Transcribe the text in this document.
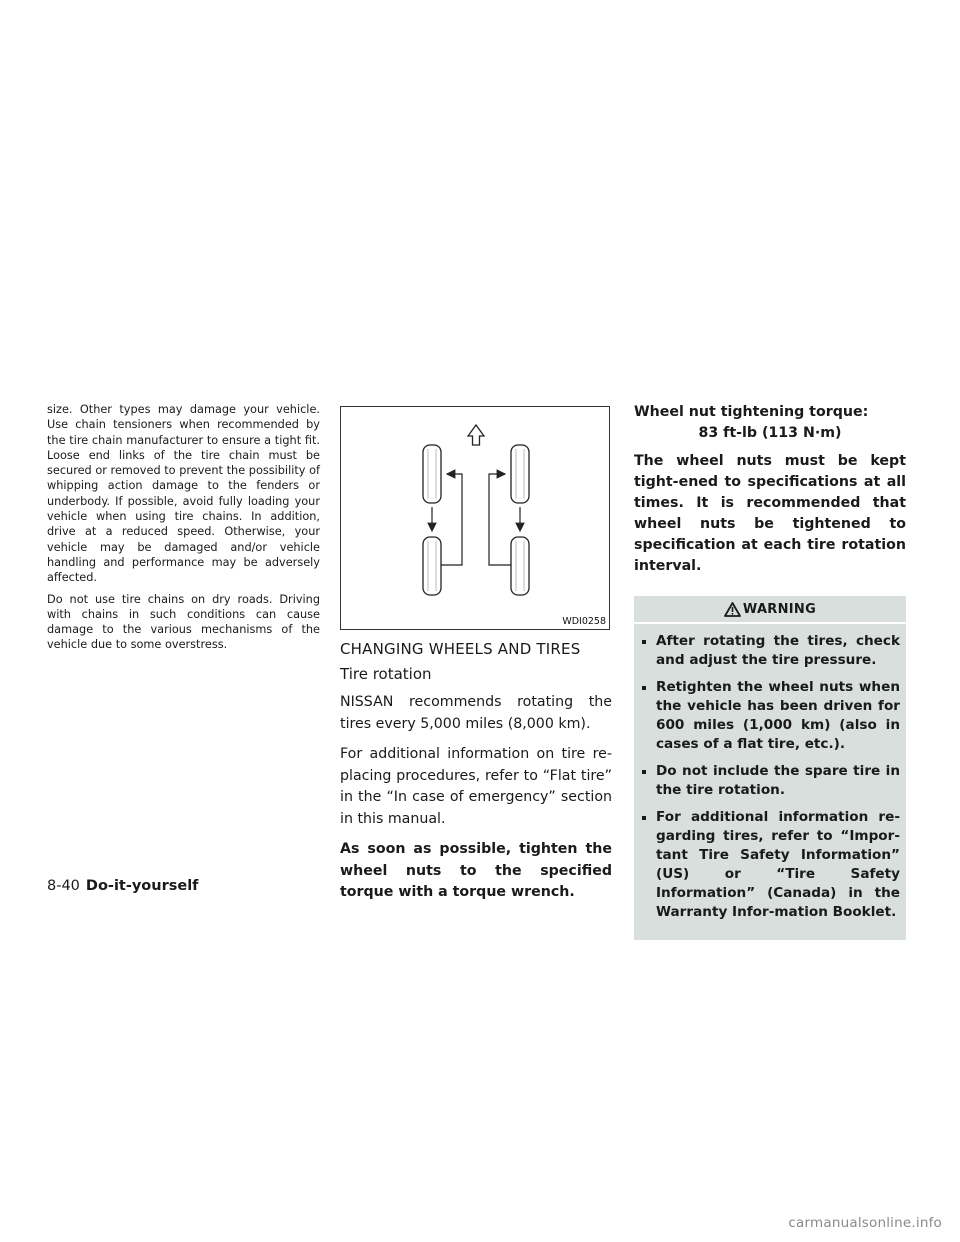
size. Other types may damage your vehicle. Use chain tensioners when recommended by the tire chain manufacturer to ensure a tight fit. Loose end links of the tire chain must be secured or removed to prevent the possibility of whipping action damage to the fenders or underbody. If possible, avoid fully loading your vehicle when using tire chains. In addition, drive at a reduced speed. Otherwise, your vehicle may be damaged and/or vehicle handling and performance may be adversely affected.

Do not use tire chains on dry roads. Driving with chains in such conditions can cause damage to the various mechanisms of the vehicle due to some overstress.

WDI0258
CHANGING WHEELS AND TIRES
Tire rotation

NISSAN recommends rotating the tires every 5,000 miles (8,000 km).

For additional information on tire re-placing procedures, refer to “Flat tire” in the “In case of emergency” section in this manual.

As soon as possible, tighten the wheel nuts to the specified torque with a torque wrench.

Wheel nut tightening torque:

83 ft-lb (113 N·m)

The wheel nuts must be kept tight-ened to specifications at all times. It is recommended that wheel nuts be tightened to specification at each tire rotation interval.

WARNING
After rotating the tires, check and adjust the tire pressure.
Retighten the wheel nuts when the vehicle has been driven for 600 miles (1,000 km) (also in cases of a flat tire, etc.).
Do not include the spare tire in the tire rotation.
For additional information re-garding tires, refer to “Impor-tant Tire Safety Information” (US) or “Tire Safety Information” (Canada) in the Warranty Infor-mation Booklet.
8-40 Do-it-yourself
carmanualsonline.info
